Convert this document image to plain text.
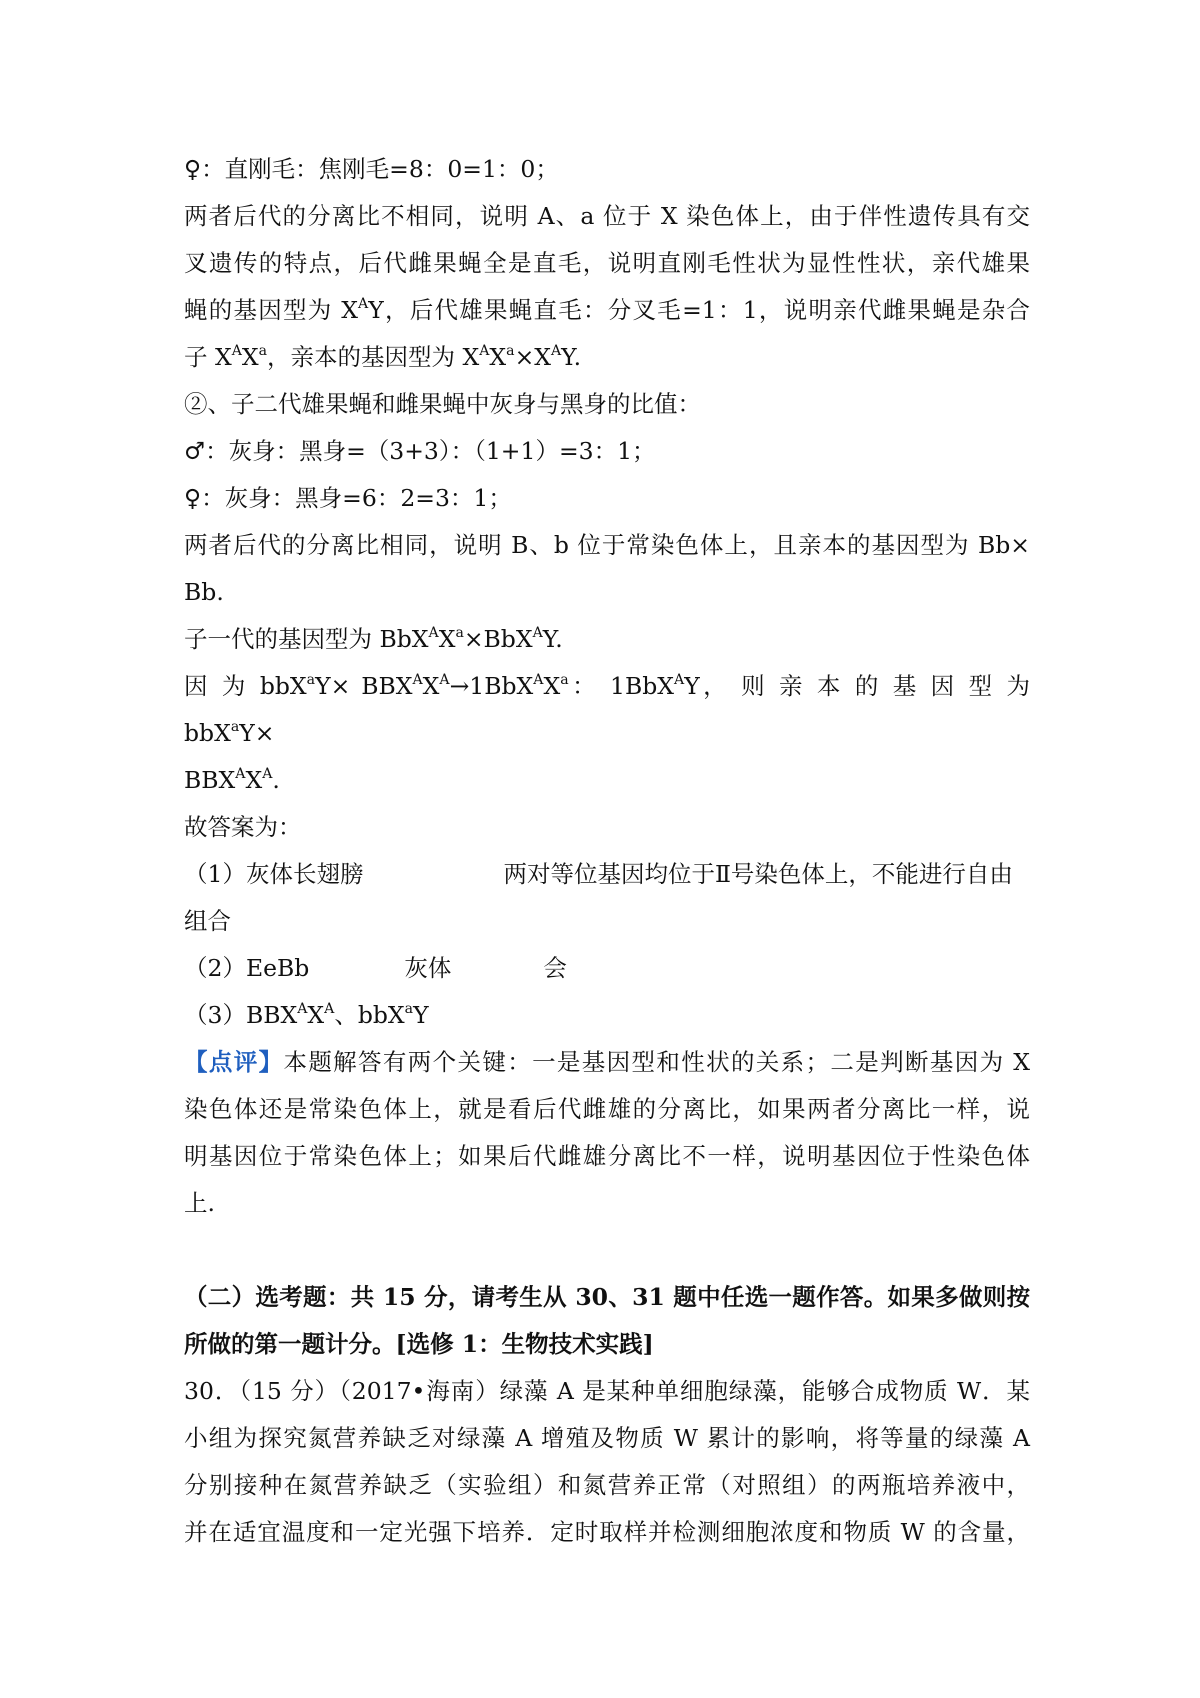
♀：直刚毛：焦刚毛=8：0=1：0；

两者后代的分离比不相同，说明 A、a 位于 X 染色体上，由于伴性遗传具有交

叉遗传的特点，后代雌果蝇全是直毛，说明直刚毛性状为显性性状，亲代雄果

蝇的基因型为 $X^AY$，后代雄果蝇直毛：分叉毛=1：1，说明亲代雌果蝇是杂合

子 $X^AX^a$，亲本的基因型为 $X^AX^a\times X^AY$.

②、子二代雄果蝇和雌果蝇中灰身与黑身的比值：

♂：灰身：黑身=（3+3）：（1+1）=3：1；

♀：灰身：黑身=6：2=3：1；

两者后代的分离比相同，说明 B、b 位于常染色体上，且亲本的基因型为 Bb×

Bb.

子一代的基因型为 $BbX^AX^a\times BbX^AY$.

因 为 $bbX^aY\times BBX^AX^A\to 1BbX^AX^a$： 1BbX$^A$Y， 则 亲 本 的 基 因 型 为 bbX$^a$Y×

$BBX^AX^A$.

故答案为：

（1）灰体长翅膀	两对等位基因均位于Ⅱ号染色体上，不能进行自由

组合

（2）EeBb	灰体	会

$(3)BBX^AX^A$、bbX$^a$Y

【点评】本题解答有两个关键：一是基因型和性状的关系；二是判断基因为 X

染色体还是常染色体上，就是看后代雌雄的分离比，如果两者分离比一样，说

明基因位于常染色体上；如果后代雌雄分离比不一样，说明基因位于性染色体

上.

（二）选考题：共 15 分，请考生从 30、31 题中任选一题作答。如果多做则按

所做的第一题计分。[选修 1：生物技术实践]

30．（15 分）（2017•海南）绿藻 A 是某种单细胞绿藻，能够合成物质 W．某

小组为探究氮营养缺乏对绿藻 A 增殖及物质 W 累计的影响，将等量的绿藻 A

分别接种在氮营养缺乏（实验组）和氮营养正常（对照组）的两瓶培养液中，

并在适宜温度和一定光强下培养．定时取样并检测细胞浓度和物质 W 的含量，
